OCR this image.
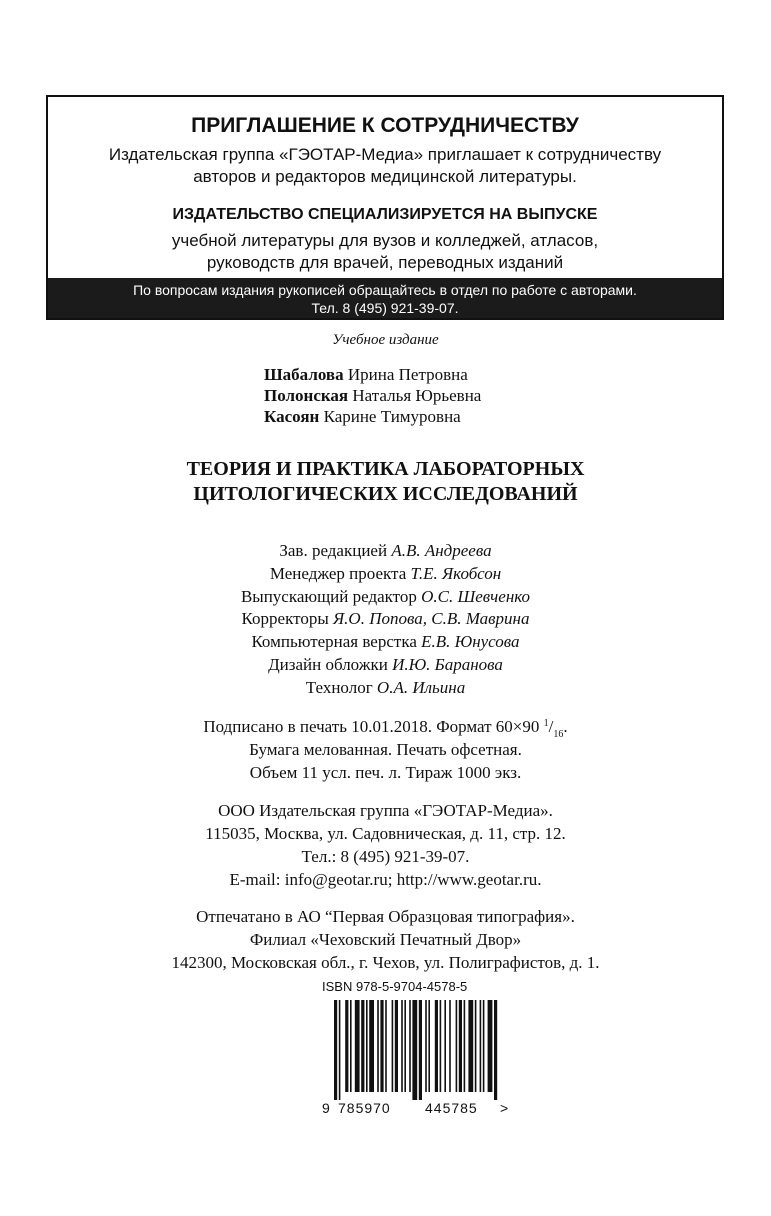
ПРИГЛАШЕНИЕ К СОТРУДНИЧЕСТВУ
Издательская группа «ГЭОТАР-Медиа» приглашает к сотрудничеству
авторов и редакторов медицинской литературы.
ИЗДАТЕЛЬСТВО СПЕЦИАЛИЗИРУЕТСЯ НА ВЫПУСКЕ
учебной литературы для вузов и колледжей, атласов,
руководств для врачей, переводных изданий
По вопросам издания рукописей обращайтесь в отдел по работе с авторами.
Тел. 8 (495) 921-39-07.
Учебное издание
Шабалова Ирина Петровна
Полонская Наталья Юрьевна
Касоян Карине Тимуровна
ТЕОРИЯ И ПРАКТИКА ЛАБОРАТОРНЫХ
ЦИТОЛОГИЧЕСКИХ ИССЛЕДОВАНИЙ
Зав. редакцией А.В. Андреева
Менеджер проекта Т.Е. Якобсон
Выпускающий редактор О.С. Шевченко
Корректоры Я.О. Попова, С.В. Маврина
Компьютерная верстка Е.В. Юнусова
Дизайн обложки И.Ю. Баранова
Технолог О.А. Ильина
Подписано в печать 10.01.2018. Формат 60×90 $^1/_{16}$.
Бумага мелованная. Печать офсетная.
Объем 11 усл. печ. л. Тираж 1000 экз.
ООО Издательская группа «ГЭОТАР-Медиа».
115035, Москва, ул. Садовническая, д. 11, стр. 12.
Тел.: 8 (495) 921-39-07.
E-mail: info@geotar.ru; http://www.geotar.ru.
Отпечатано в АО “Первая Образцовая типография».
Филиал «Чеховский Печатный Двор»
142300, Московская обл., г. Чехов, ул. Полиграфистов, д. 1.
ISBN 978-5-9704-4578-5
9 785970 445785 >
